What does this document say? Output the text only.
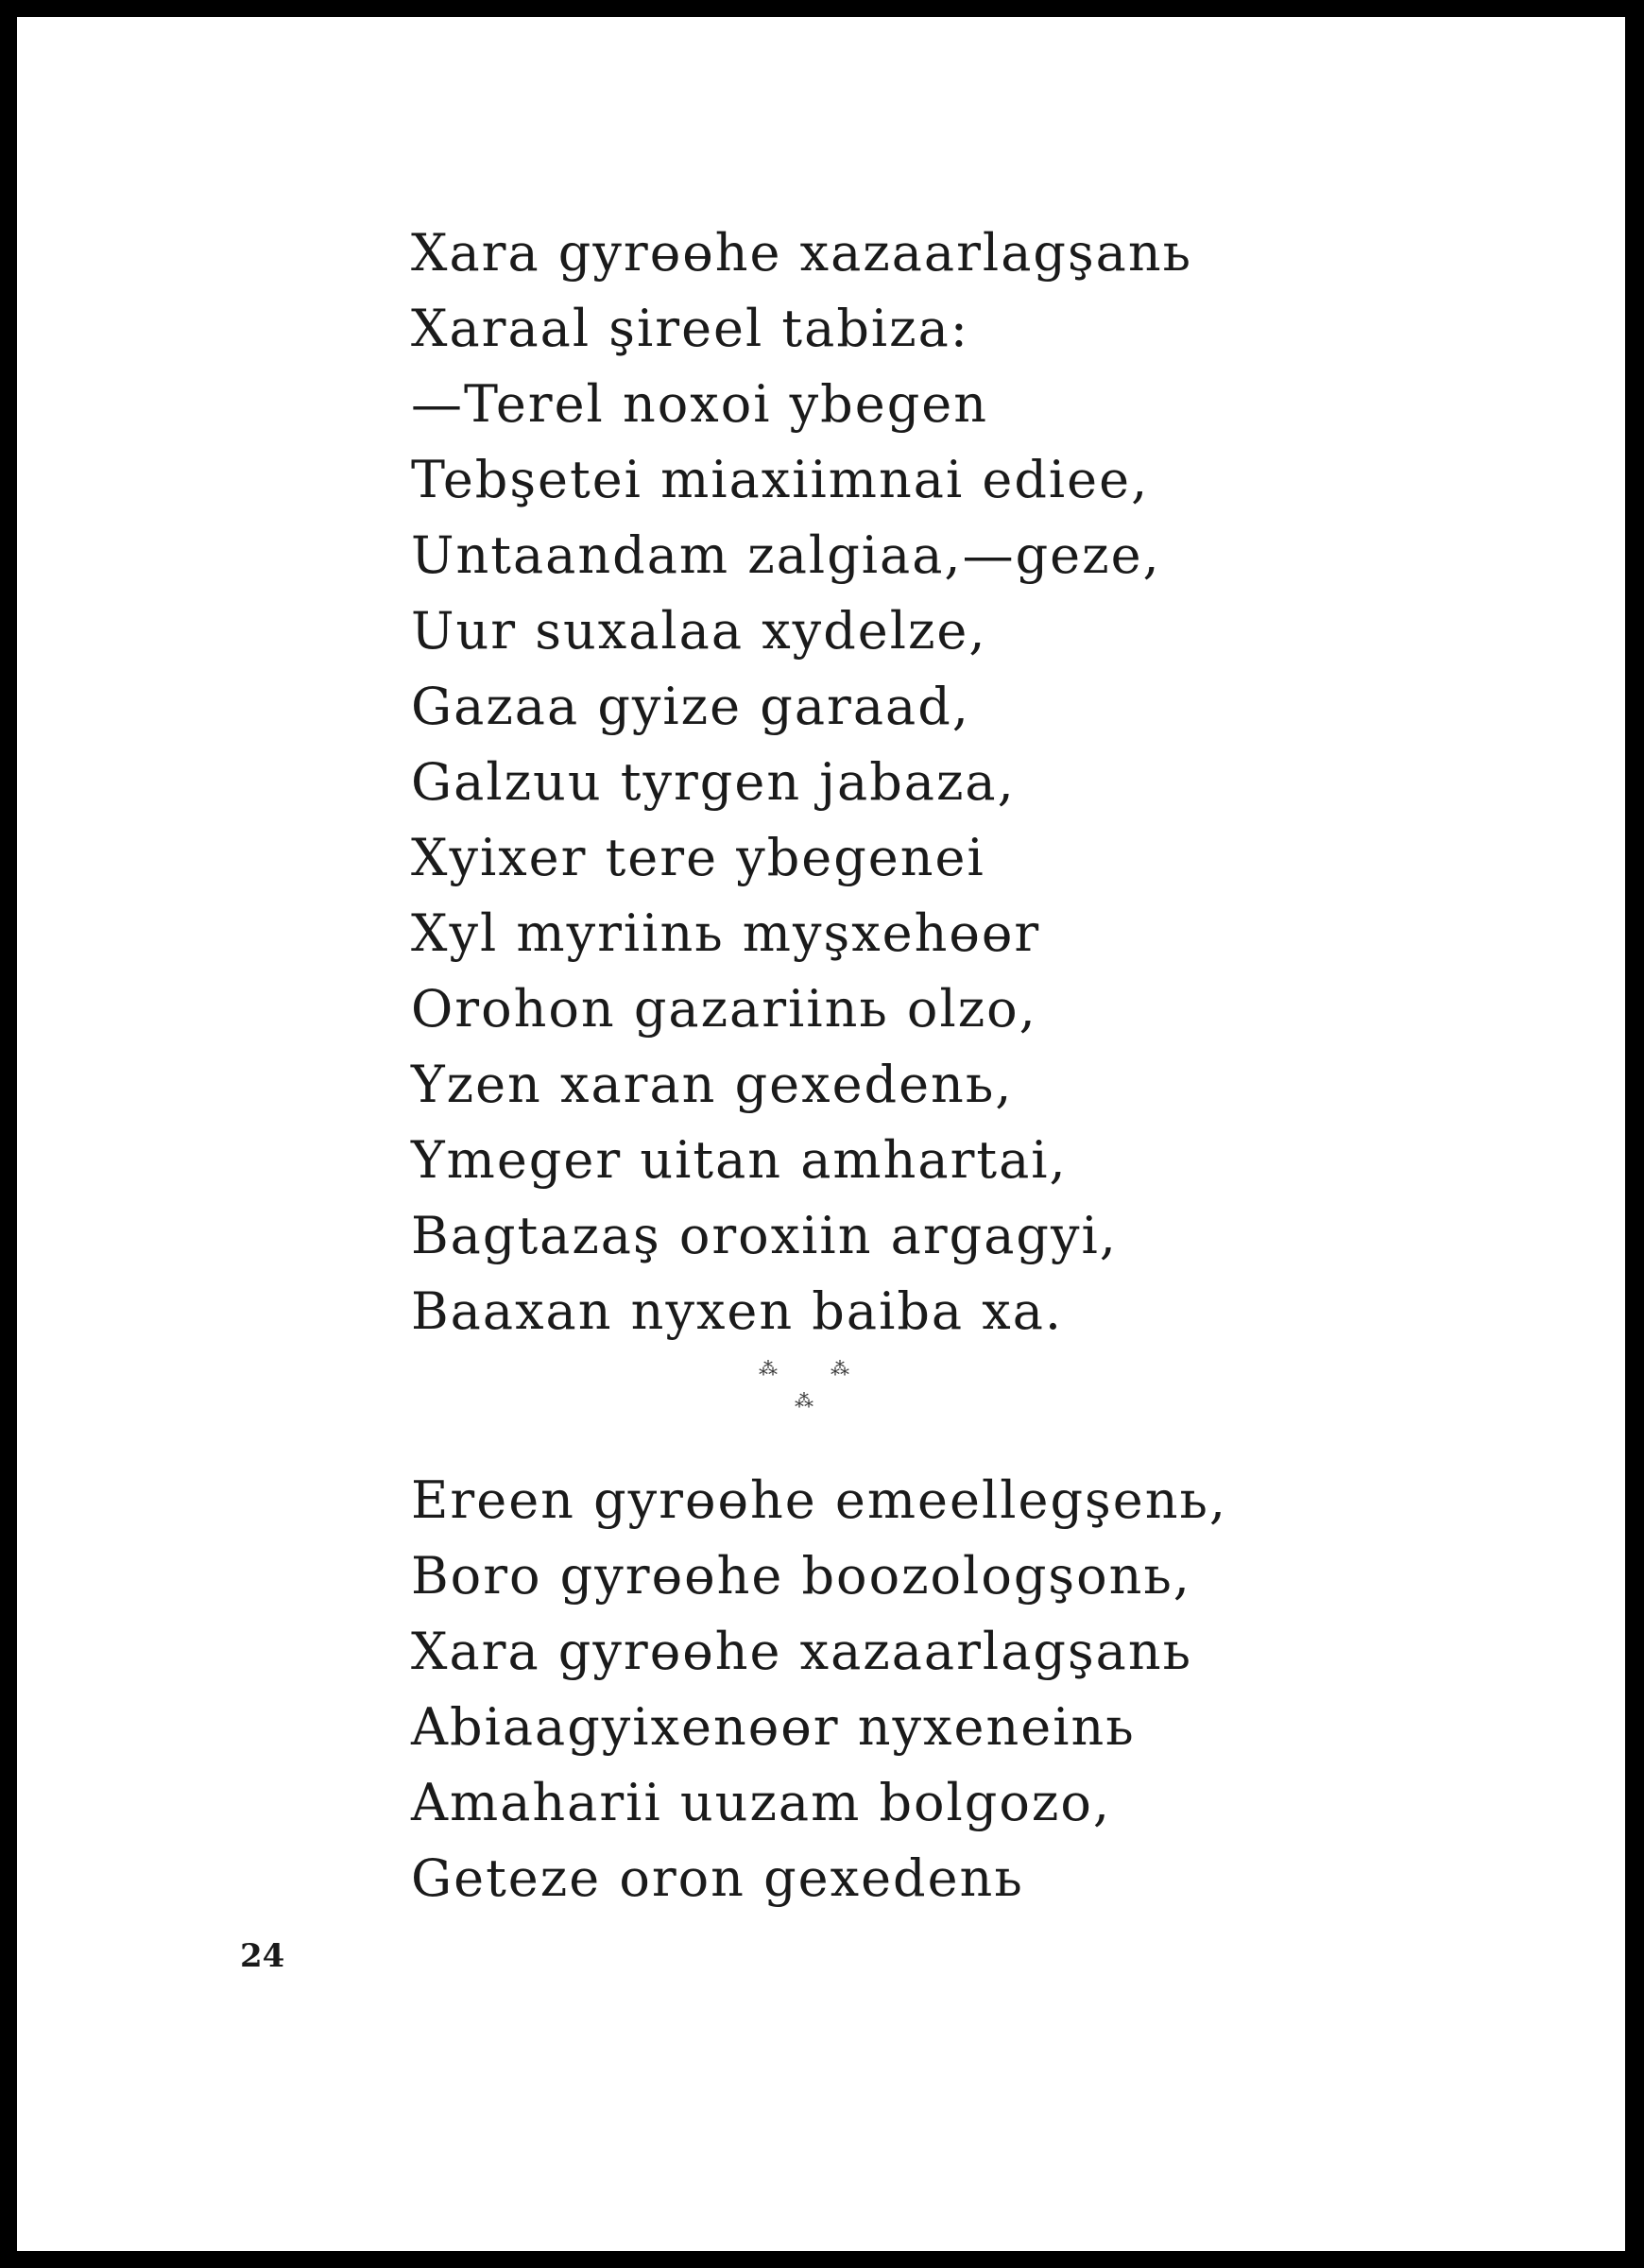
Xara gyrөөhe xazaarlagşanь
Xaraal şireel tabiza:
—Terel noxoi ybegen
Tebşetei miaxiimnai ediee,
Untaandam zalgiaa,—geze,
Uur suxalaa xydelze,
Gazaa gyize garaad,
Galzuu tyrgen jabaza,
Xyixer tere ybegenei
Xyl myriinь myşxehөөr
Orohon gazariinь olzo,
Yzen xaran gexedenь,
Ymeger uitan amhartai,
Bagtazaş oroxiin argagyi,
Baaxan nyxen baiba xa.
⁂	⁂
⁂
Ereen gyrөөhe emeellegşenь,
Boro gyrөөhe boozologşonь,
Xara gyrөөhe xazaarlagşanь
Abiaagyixenөөr nyxeneinь
Amaharii uuzam bolgozo,
Geteze oron gexedenь
24
